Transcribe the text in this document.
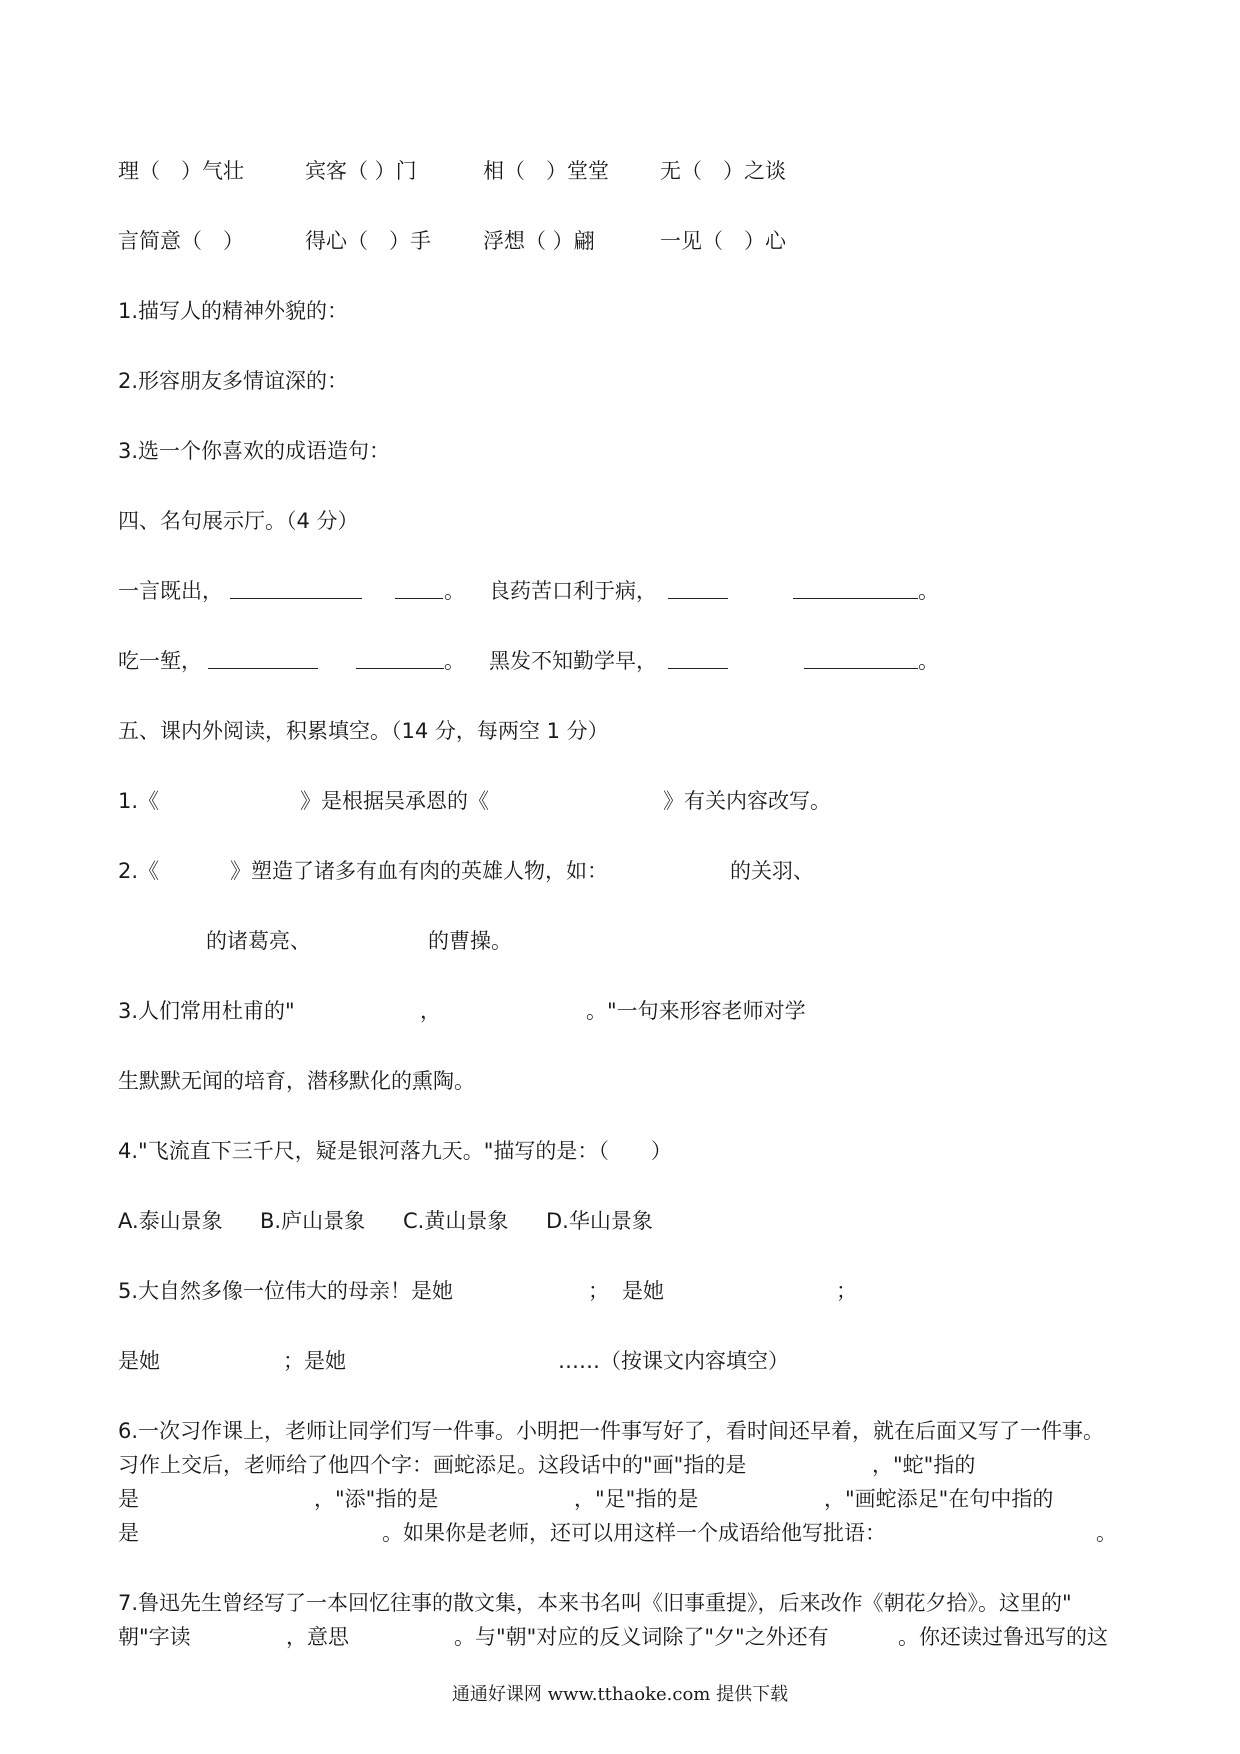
理（　）气壮	宾客（ ）门	相（　）堂堂 无（　）之谈
言简意（　）	得心（　）手 浮想（ ）翩	一见（　）心
1.描写人的精神外貌的：
2.形容朋友多情谊深的：
3.选一个你喜欢的成语造句：
四、名句展示厅。（4 分）
一言既出，	。 良药苦口利于病，	。
吃一堑，	。 黑发不知勤学早，	。
五、课内外阅读，积累填空。（14 分，每两空 1 分）
1.《	》是根据吴承恩的《	》有关内容改写。
2.《	》塑造了诸多有血有肉的英雄人物，如：	的关羽、
的诸葛亮、	的曹操。
3.人们常用杜甫的"	，	。"一句来形容老师对学
生默默无闻的培育，潜移默化的熏陶。
4."飞流直下三千尺，疑是银河落九天。"描写的是：（　　）
A.泰山景象 B.庐山景象 C.黄山景象 D.华山景象
5.大自然多像一位伟大的母亲！是她	； 是她	；
是她	；是她	……（按课文内容填空）
6.一次习作课上，老师让同学们写一件事。小明把一件事写好了，看时间还早着，就在后面又写了一件事。
习作上交后，老师给了他四个字：画蛇添足。这段话中的"画"指的是	，"蛇"指的
是	，"添"指的是	，"足"指的是	，"画蛇添足"在句中指的
是	。如果你是老师，还可以用这样一个成语给他写批语：	。
7.鲁迅先生曾经写了一本回忆往事的散文集，本来书名叫《旧事重提》，后来改作《朝花夕拾》。这里的"
朝"字读	，意思	。与"朝"对应的反义词除了"夕"之外还有	。你还读过鲁迅写的这
通通好课网 www.tthaoke.com 提供下载
